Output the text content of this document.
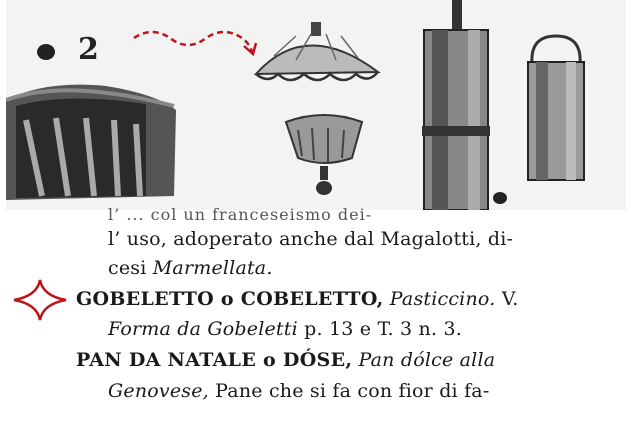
2
l’ ... col un franceseismo dei-
l’ uso, adoperato anche dal Magalotti, di-
cesi Marmellata.
GOBELETTO o COBELETTO, Pasticcino. V.
Forma da Gobeletti p. 13 e T. 3 n. 3.
PAN DA NATALE o DÓSE, Pan dólce alla
Genovese, Pane che si fa con fior di fa-
